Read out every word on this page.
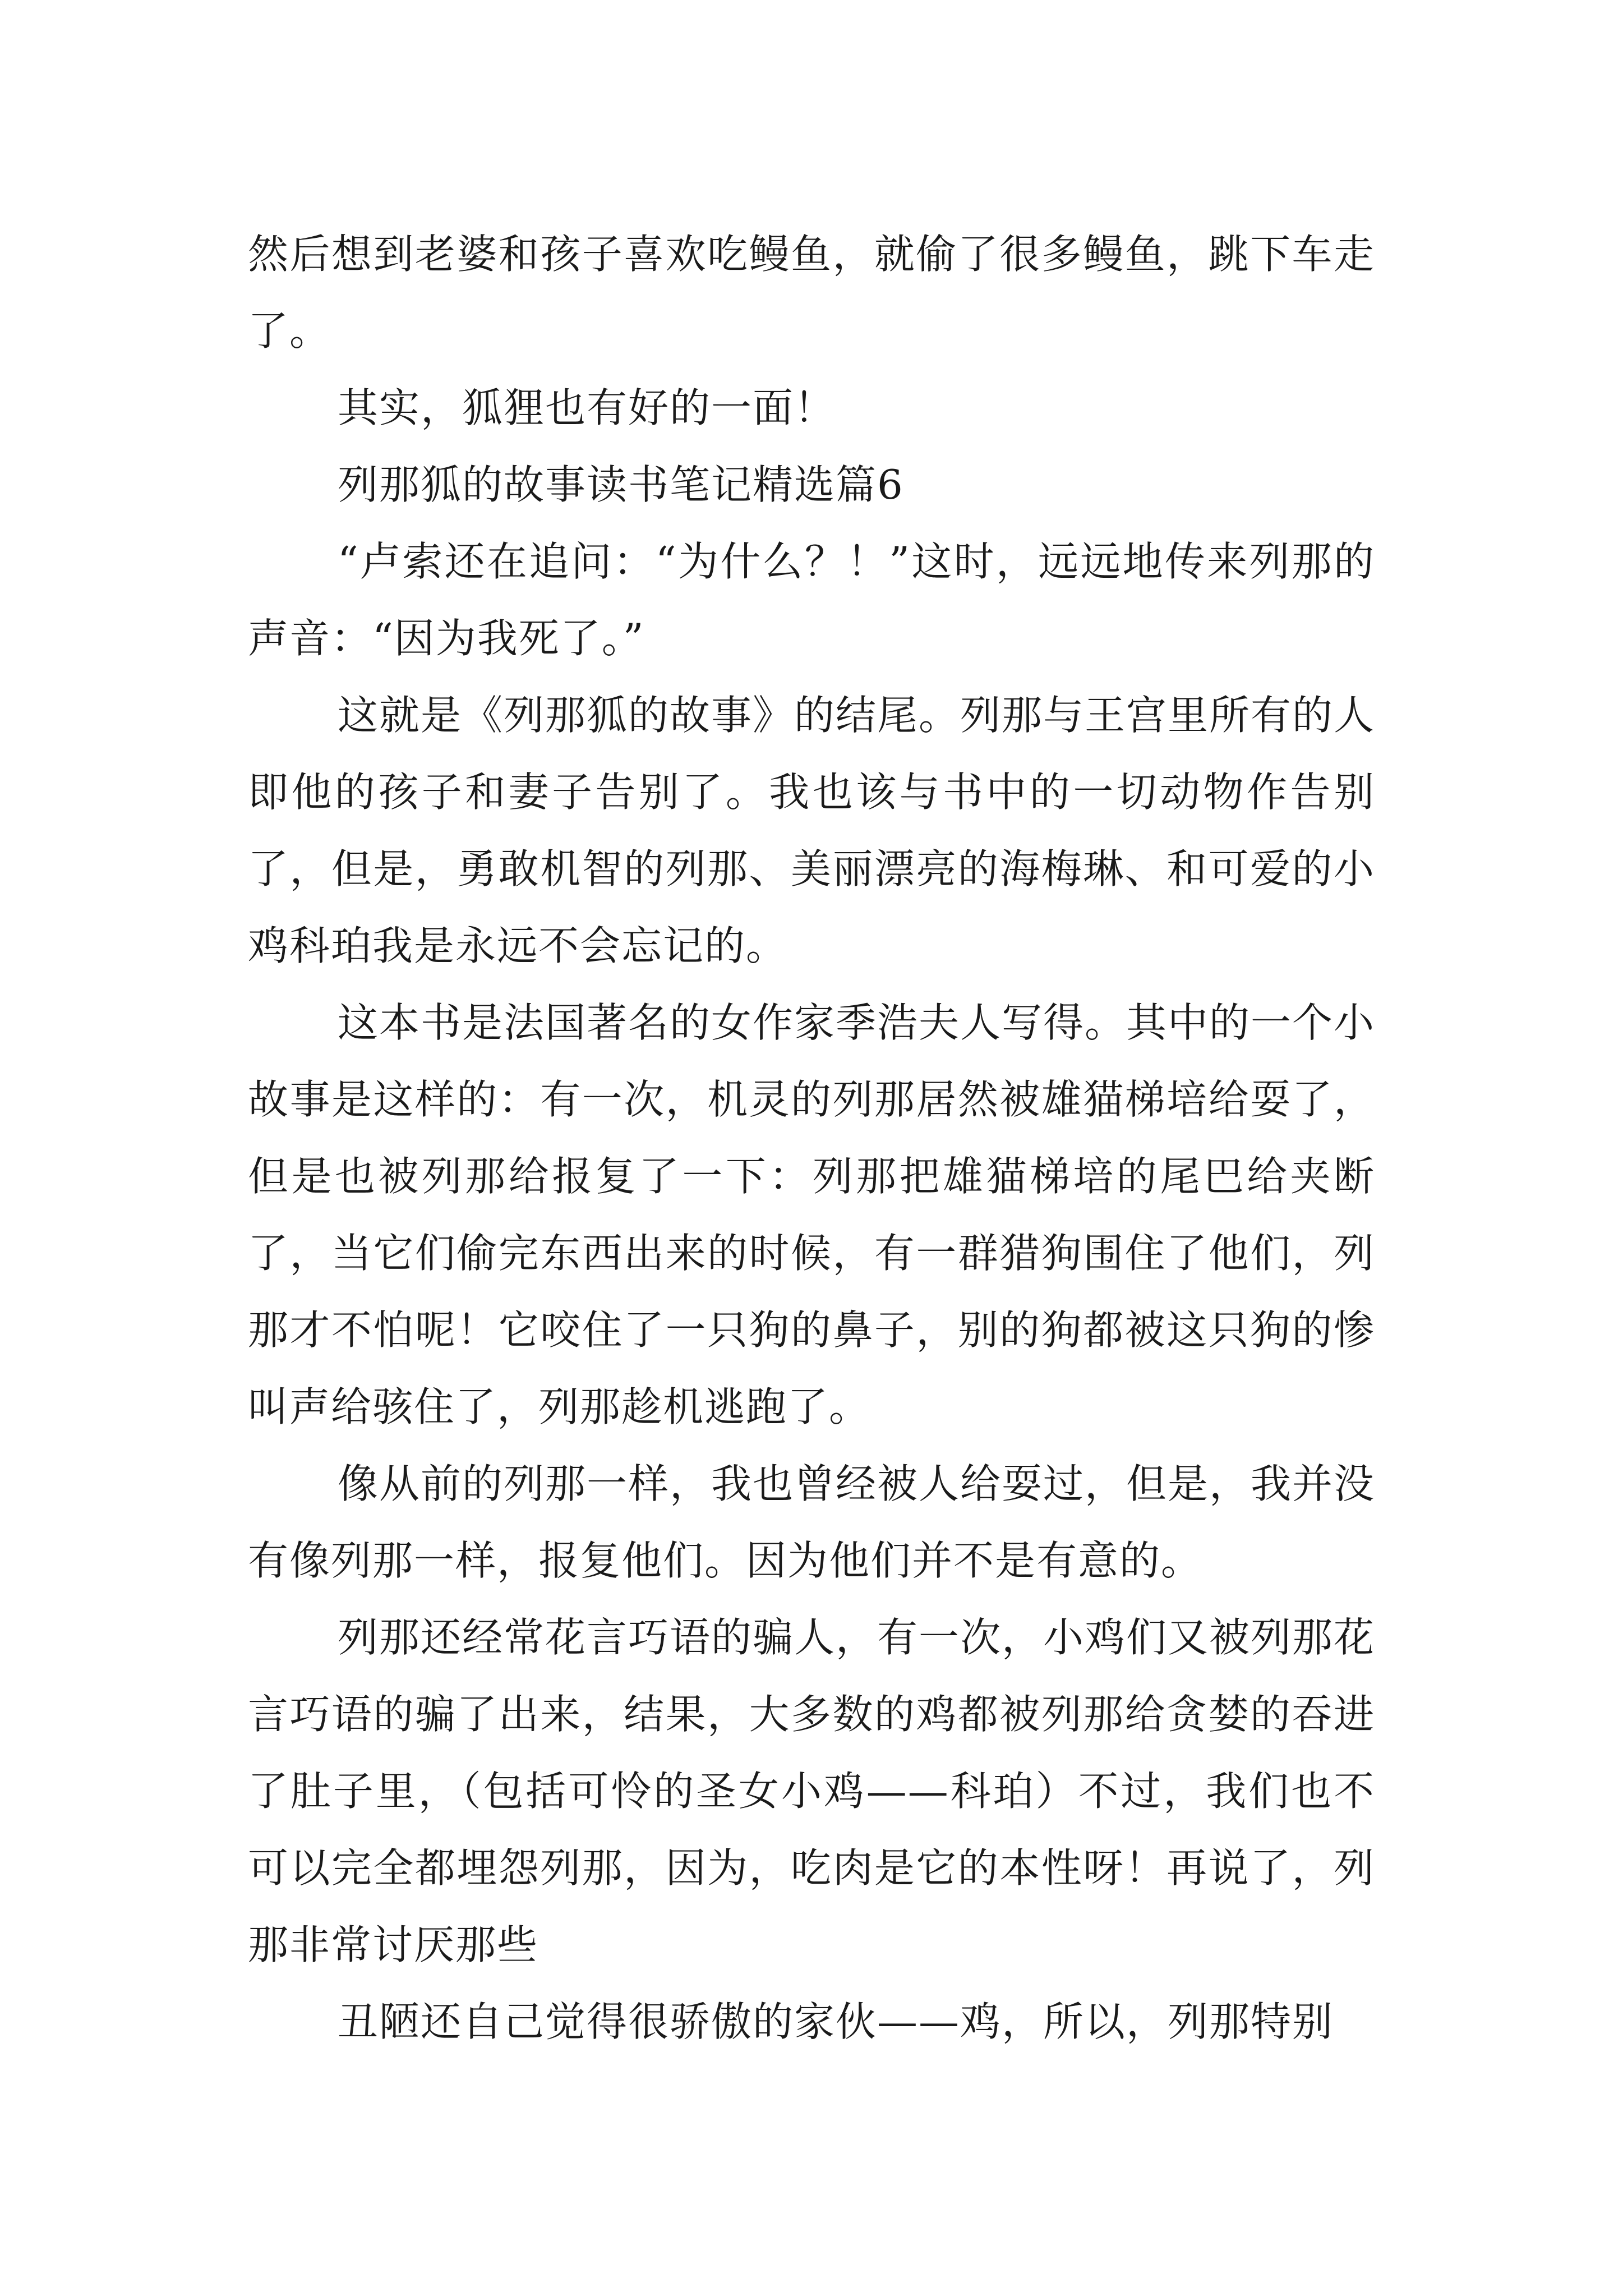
然后想到老婆和孩子喜欢吃鳗鱼，就偷了很多鳗鱼，跳下车走了。

其实，狐狸也有好的一面！

列那狐的故事读书笔记精选篇6

“卢索还在追问：“为什么？！”这时，远远地传来列那的声音：“因为我死了。”

这就是《列那狐的故事》的结尾。列那与王宫里所有的人即他的孩子和妻子告别了。我也该与书中的一切动物作告别了，但是，勇敢机智的列那、美丽漂亮的海梅琳、和可爱的小鸡科珀我是永远不会忘记的。

这本书是法国著名的女作家季浩夫人写得。其中的一个小故事是这样的：有一次，机灵的列那居然被雄猫梯培给耍了，但是也被列那给报复了一下：列那把雄猫梯培的尾巴给夹断了，当它们偷完东西出来的时候，有一群猎狗围住了他们，列那才不怕呢！它咬住了一只狗的鼻子，别的狗都被这只狗的惨叫声给骇住了，列那趁机逃跑了。

像从前的列那一样，我也曾经被人给耍过，但是，我并没有像列那一样，报复他们。因为他们并不是有意的。

列那还经常花言巧语的骗人，有一次，小鸡们又被列那花言巧语的骗了出来，结果，大多数的鸡都被列那给贪婪的吞进了肚子里，（包括可怜的圣女小鸡——科珀）不过，我们也不可以完全都埋怨列那，因为，吃肉是它的本性呀！再说了，列那非常讨厌那些

丑陋还自己觉得很骄傲的家伙——鸡，所以，列那特别
